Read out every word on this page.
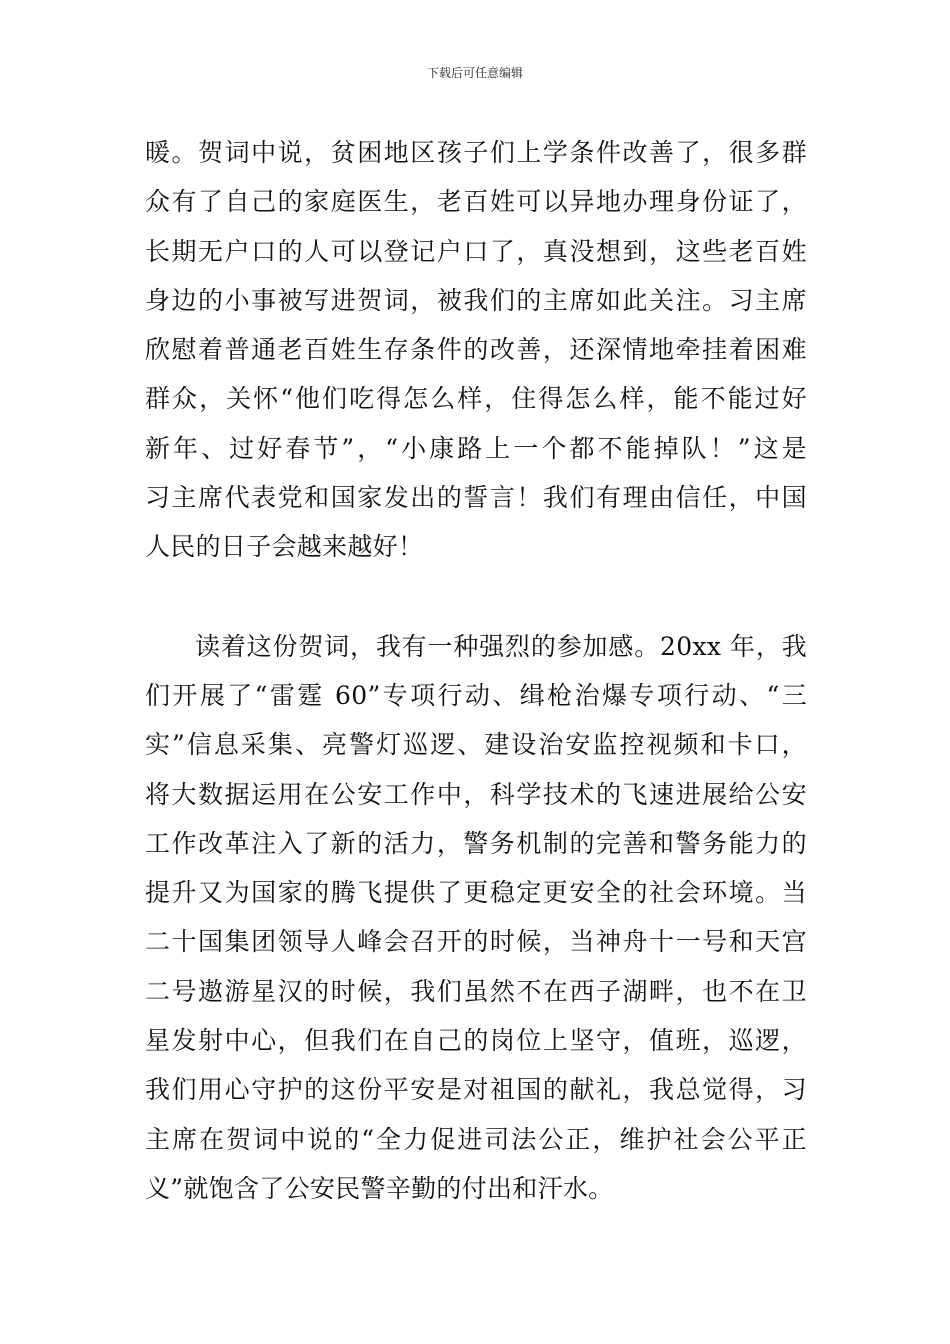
下载后可任意编辑
暖。贺词中说，贫困地区孩子们上学条件改善了，很多群
众有了自己的家庭医生，老百姓可以异地办理身份证了，
长期无户口的人可以登记户口了，真没想到，这些老百姓
身边的小事被写进贺词，被我们的主席如此关注。习主席
欣慰着普通老百姓生存条件的改善，还深情地牵挂着困难
群众，关怀“他们吃得怎么样，住得怎么样，能不能过好
新年、过好春节”，“小康路上一个都不能掉队！”这是
习主席代表党和国家发出的誓言！我们有理由信任，中国
人民的日子会越来越好！
读着这份贺词，我有一种强烈的参加感。20xx 年，我
们开展了“雷霆 60”专项行动、缉枪治爆专项行动、“三
实”信息采集、亮警灯巡逻、建设治安监控视频和卡口，
将大数据运用在公安工作中，科学技术的飞速进展给公安
工作改革注入了新的活力，警务机制的完善和警务能力的
提升又为国家的腾飞提供了更稳定更安全的社会环境。当
二十国集团领导人峰会召开的时候，当神舟十一号和天宫
二号遨游星汉的时候，我们虽然不在西子湖畔，也不在卫
星发射中心，但我们在自己的岗位上坚守，值班，巡逻，
我们用心守护的这份平安是对祖国的献礼，我总觉得，习
主席在贺词中说的“全力促进司法公正，维护社会公平正
义”就饱含了公安民警辛勤的付出和汗水。
